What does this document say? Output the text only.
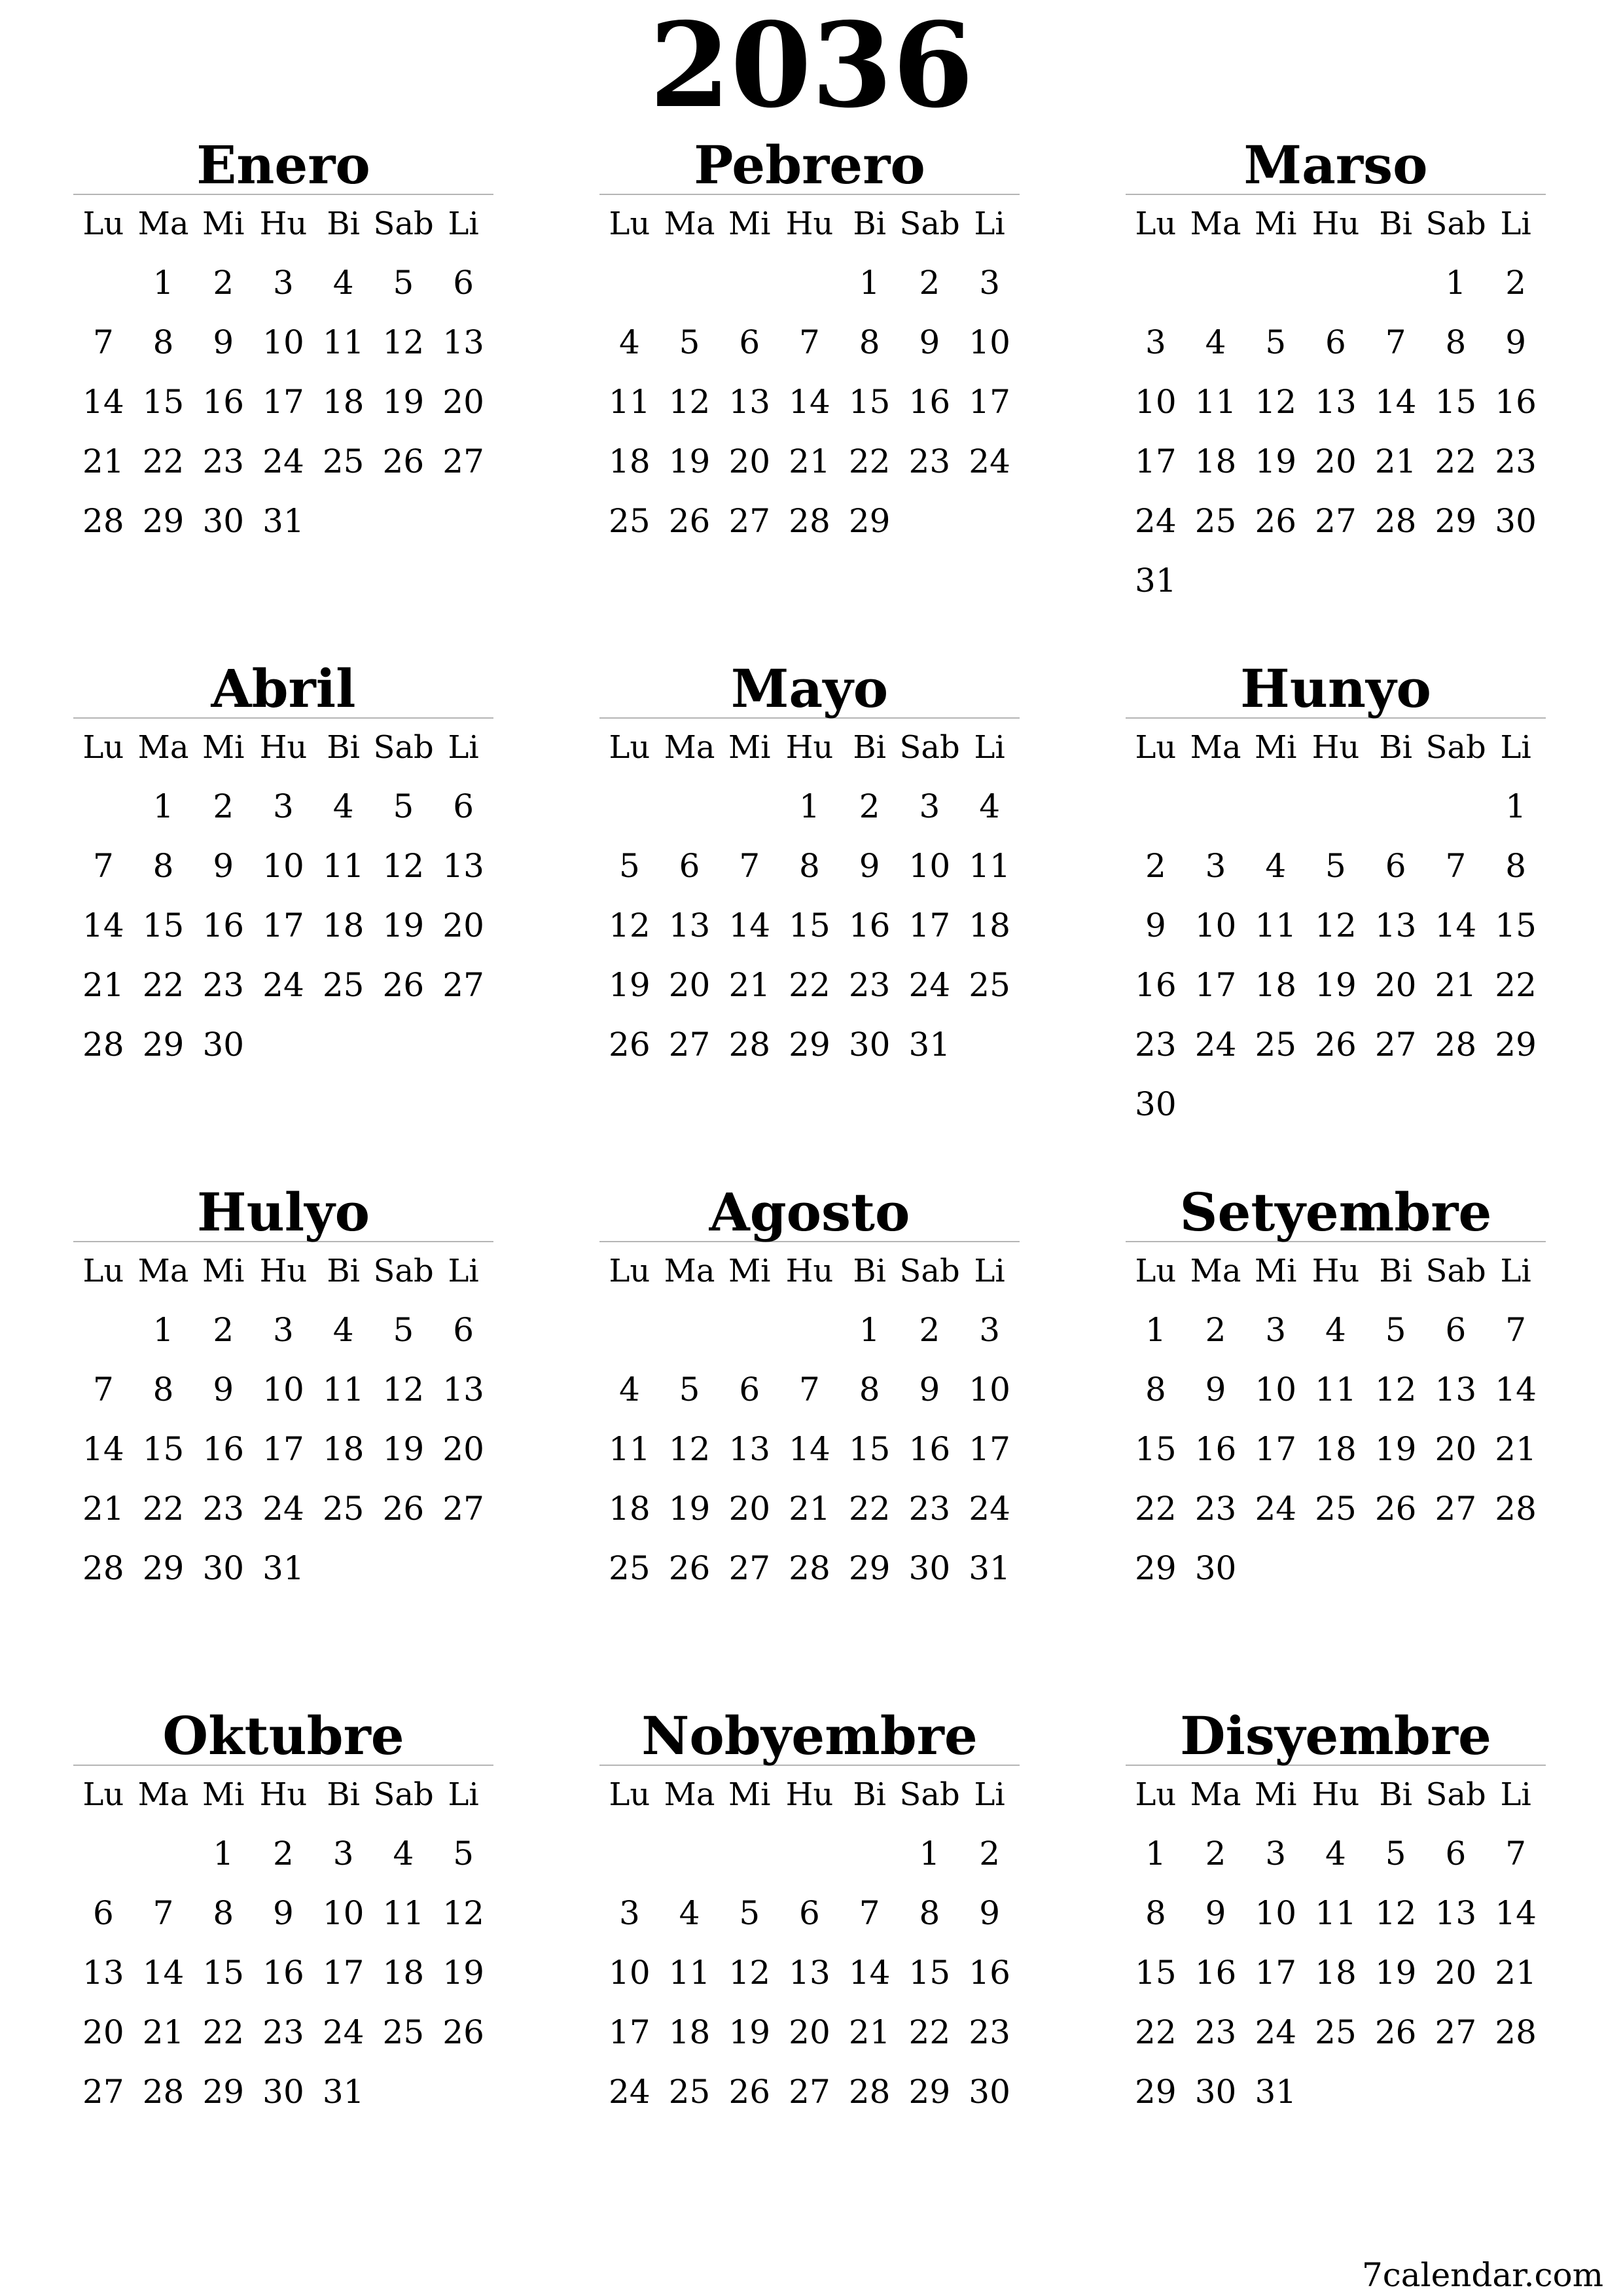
2036
Enero
Lu	Ma	Mi	Hu	Bi	Sab	Li
	1	2	3	4	5	6
7	8	9	10	11	12	13
14	15	16	17	18	19	20
21	22	23	24	25	26	27
28	29	30	31			
Pebrero
Lu	Ma	Mi	Hu	Bi	Sab	Li
				1	2	3
4	5	6	7	8	9	10
11	12	13	14	15	16	17
18	19	20	21	22	23	24
25	26	27	28	29		
Marso
Lu	Ma	Mi	Hu	Bi	Sab	Li
					1	2
3	4	5	6	7	8	9
10	11	12	13	14	15	16
17	18	19	20	21	22	23
24	25	26	27	28	29	30
31						
Abril
Lu	Ma	Mi	Hu	Bi	Sab	Li
	1	2	3	4	5	6
7	8	9	10	11	12	13
14	15	16	17	18	19	20
21	22	23	24	25	26	27
28	29	30				
Mayo
Lu	Ma	Mi	Hu	Bi	Sab	Li
			1	2	3	4
5	6	7	8	9	10	11
12	13	14	15	16	17	18
19	20	21	22	23	24	25
26	27	28	29	30	31	
Hunyo
Lu	Ma	Mi	Hu	Bi	Sab	Li
						1
2	3	4	5	6	7	8
9	10	11	12	13	14	15
16	17	18	19	20	21	22
23	24	25	26	27	28	29
30						
Hulyo
Lu	Ma	Mi	Hu	Bi	Sab	Li
	1	2	3	4	5	6
7	8	9	10	11	12	13
14	15	16	17	18	19	20
21	22	23	24	25	26	27
28	29	30	31			
Agosto
Lu	Ma	Mi	Hu	Bi	Sab	Li
				1	2	3
4	5	6	7	8	9	10
11	12	13	14	15	16	17
18	19	20	21	22	23	24
25	26	27	28	29	30	31
Setyembre
Lu	Ma	Mi	Hu	Bi	Sab	Li
1	2	3	4	5	6	7
8	9	10	11	12	13	14
15	16	17	18	19	20	21
22	23	24	25	26	27	28
29	30					
Oktubre
Lu	Ma	Mi	Hu	Bi	Sab	Li
		1	2	3	4	5
6	7	8	9	10	11	12
13	14	15	16	17	18	19
20	21	22	23	24	25	26
27	28	29	30	31		
Nobyembre
Lu	Ma	Mi	Hu	Bi	Sab	Li
					1	2
3	4	5	6	7	8	9
10	11	12	13	14	15	16
17	18	19	20	21	22	23
24	25	26	27	28	29	30
Disyembre
Lu	Ma	Mi	Hu	Bi	Sab	Li
1	2	3	4	5	6	7
8	9	10	11	12	13	14
15	16	17	18	19	20	21
22	23	24	25	26	27	28
29	30	31				
7calendar.com
